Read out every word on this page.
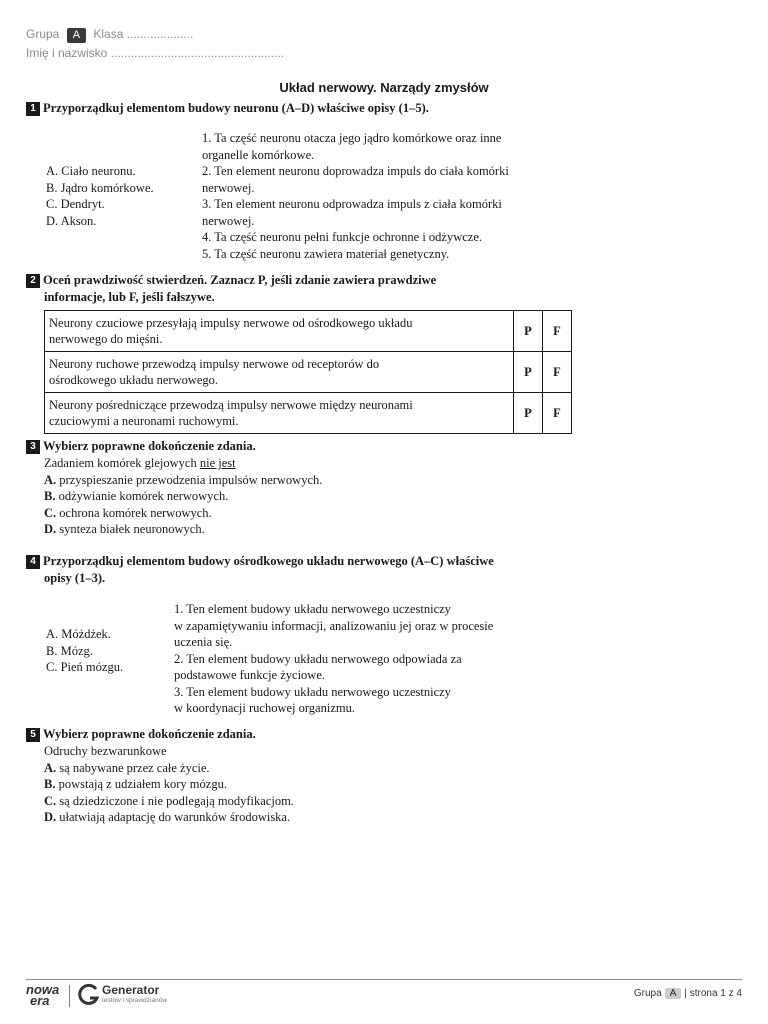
Grupa A Klasa ....................
Imię i nazwisko ....................................................
Układ nerwowy. Narządy zmysłów
1 Przyporządkuj elementom budowy neuronu (A–D) właściwe opisy (1–5).
A. Ciało neuronu.
B. Jądro komórkowe.
C. Dendryt.
D. Akson.
1. Ta część neuronu otacza jego jądro komórkowe oraz inne
organelle komórkowe.
2. Ten element neuronu doprowadza impuls do ciała komórki
nerwowej.
3. Ten element neuronu odprowadza impuls z ciała komórki
nerwowej.
4. Ta część neuronu pełni funkcje ochronne i odżywcze.
5. Ta część neuronu zawiera materiał genetyczny.
2 Oceń prawdziwość stwierdzeń. Zaznacz P, jeśli zdanie zawiera prawdziwe
informacje, lub F, jeśli fałszywe.
Neurony czuciowe przesyłają impulsy nerwowe od ośrodkowego układu
nerwowego do mięśni.	P	F

Neurony ruchowe przewodzą impulsy nerwowe od receptorów do
ośrodkowego układu nerwowego.	P	F

Neurony pośredniczące przewodzą impulsy nerwowe między neuronami
czuciowymi a neuronami ruchowymi.	P	F
3 Wybierz poprawne dokończenie zdania.
Zadaniem komórek glejowych nie jest
A. przyspieszanie przewodzenia impulsów nerwowych.
B. odżywianie komórek nerwowych.
C. ochrona komórek nerwowych.
D. synteza białek neuronowych.
4 Przyporządkuj elementom budowy ośrodkowego układu nerwowego (A–C) właściwe
opisy (1–3).
A. Móżdżek.
B. Mózg.
C. Pień mózgu.
1. Ten element budowy układu nerwowego uczestniczy
w zapamiętywaniu informacji, analizowaniu jej oraz w procesie
uczenia się.
2. Ten element budowy układu nerwowego odpowiada za
podstawowe funkcje życiowe.
3. Ten element budowy układu nerwowego uczestniczy
w koordynacji ruchowej organizmu.
5 Wybierz poprawne dokończenie zdania.
Odruchy bezwarunkowe
A. są nabywane przez całe życie.
B. powstają z udziałem kory mózgu.
C. są dziedziczone i nie podlegają modyfikacjom.
D. ułatwiają adaptację do warunków środowiska.
nowa
era
Generator
testów i sprawdzianów
Grupa A | strona 1 z 4
